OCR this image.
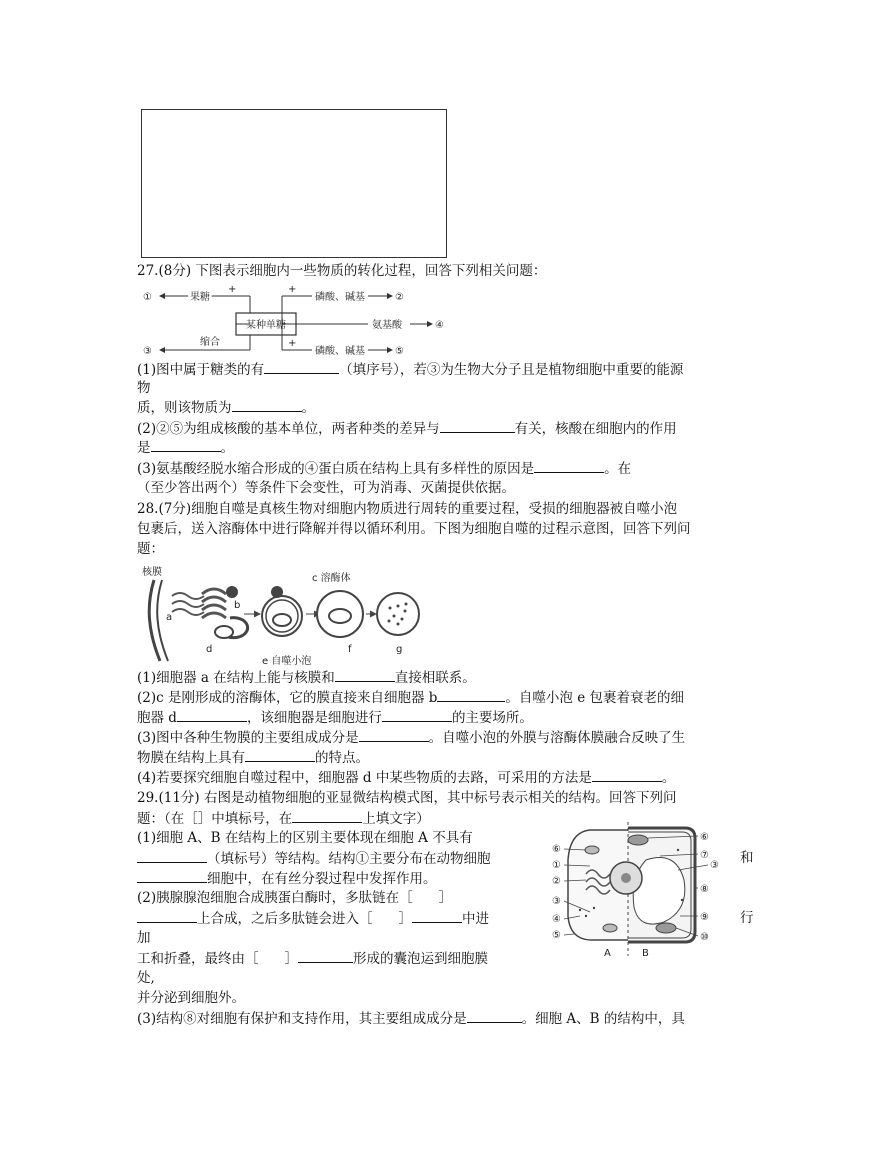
27.(8分) 下图表示细胞内一些物质的转化过程，回答下列相关问题：
某种单糖
①	果糖
+
③
缩合
+
磷酸、碱基	②
氨基酸	④
+
磷酸、碱基	⑤
(1)图中属于糖类的有	（填序号），若③为生物大分子且是植物细胞中重要的能源
物
质，则该物质为	。
(2)②⑤为组成核酸的基本单位，两者种类的差异与	有关，核酸在细胞内的作用
是	。
(3)氨基酸经脱水缩合形成的④蛋白质在结构上具有多样性的原因是	。在
（至少答出两个）等条件下会变性，可为消毒、灭菌提供依据。
28.(7分)细胞自噬是真核生物对细胞内物质进行周转的重要过程，受损的细胞器被自噬小泡
包裹后，送入溶酶体中进行降解并得以循环利用。下图为细胞自噬的过程示意图，回答下列问
题：
核膜
a
b
d
e 自噬小泡
c 溶酶体
f	g
(1)细胞器 a 在结构上能与核膜和	直接相联系。
(2)c 是刚形成的溶酶体，它的膜直接来自细胞器 b	。自噬小泡 e 包裹着衰老的细
胞器 d	，该细胞器是细胞进行	的主要场所。
(3)图中各种生物膜的主要组成成分是	。自噬小泡的外膜与溶酶体膜融合反映了生
物膜在结构上具有	的特点。
(4)若要探究细胞自噬过程中，细胞器 d 中某些物质的去路，可采用的方法是	。
29.(11分) 右图是动植物细胞的亚显微结构模式图，其中标号表示相关的结构。回答下列问
题：（在［］中填标号，在	上填文字）
(1)细胞 A、B 在结构上的区别主要体现在细胞 A 不具有
（填标号）等结构。结构①主要分布在动物细胞	和
细胞中，在有丝分裂过程中发挥作用。
(2)胰腺腺泡细胞合成胰蛋白酶时，多肽链在［ ］
上合成，之后多肽链会进入［ ］	中进	行
加
工和折叠，最终由［ ］	形成的囊泡运到细胞膜
处,
并分泌到细胞外。
(3)结构⑧对细胞有保护和支持作用，其主要组成成分是	。细胞 A、B 的结构中，具
⑥
①
②
③
④
⑤
⑥
⑦
③
⑧
⑨
⑩
A	B
